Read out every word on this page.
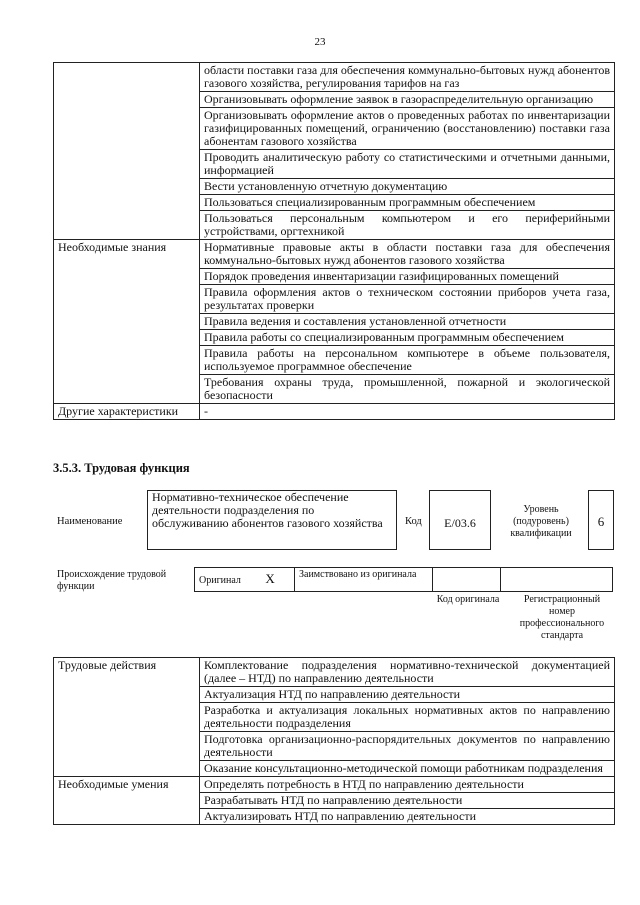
23
	области поставки газа для обеспечения коммунально-бытовых нужд абонентов газового хозяйства, регулирования тарифов на газ
	Организовывать оформление заявок в газораспределительную организацию
	Организовывать оформление актов о проведенных работах по инвентаризации газифицированных помещений, ограничению (восстановлению) поставки газа абонентам газового хозяйства
	Проводить аналитическую работу со статистическими и отчетными данными, информацией
	Вести установленную отчетную документацию
	Пользоваться специализированным программным обеспечением
	Пользоваться персональным компьютером и его периферийными устройствами, оргтехникой
Необходимые знания	Нормативные правовые акты в области поставки газа для обеспечения коммунально-бытовых нужд абонентов газового хозяйства
	Порядок проведения инвентаризации газифицированных помещений
	Правила оформления актов о техническом состоянии приборов учета газа, результатах проверки
	Правила ведения и составления установленной отчетности
	Правила работы со специализированным программным обеспечением
	Правила работы на персональном компьютере в объеме пользователя, используемое программное обеспечение
	Требования охраны труда, промышленной, пожарной и экологической безопасности
Другие характеристики	-
3.5.3. Трудовая функция
Наименование
Нормативно-техническое обеспечение деятельности подразделения по обслуживанию абонентов газового хозяйства	Код	E/03.6
Уровень (подуровень) квалификации
6
Происхождение трудовой функции
Оригинал X	Заимствовано из оригинала		
Код оригинала	Регистрационный номер профессионального стандарта
Трудовые действия	Комплектование подразделения нормативно-технической документацией (далее – НТД) по направлению деятельности
	Актуализация НТД по направлению деятельности
	Разработка и актуализация локальных нормативных актов по направлению деятельности подразделения
	Подготовка организационно-распорядительных документов по направлению деятельности
	Оказание консультационно-методической помощи работникам подразделения
Необходимые умения	Определять потребность в НТД по направлению деятельности
	Разрабатывать НТД по направлению деятельности
	Актуализировать НТД по направлению деятельности
